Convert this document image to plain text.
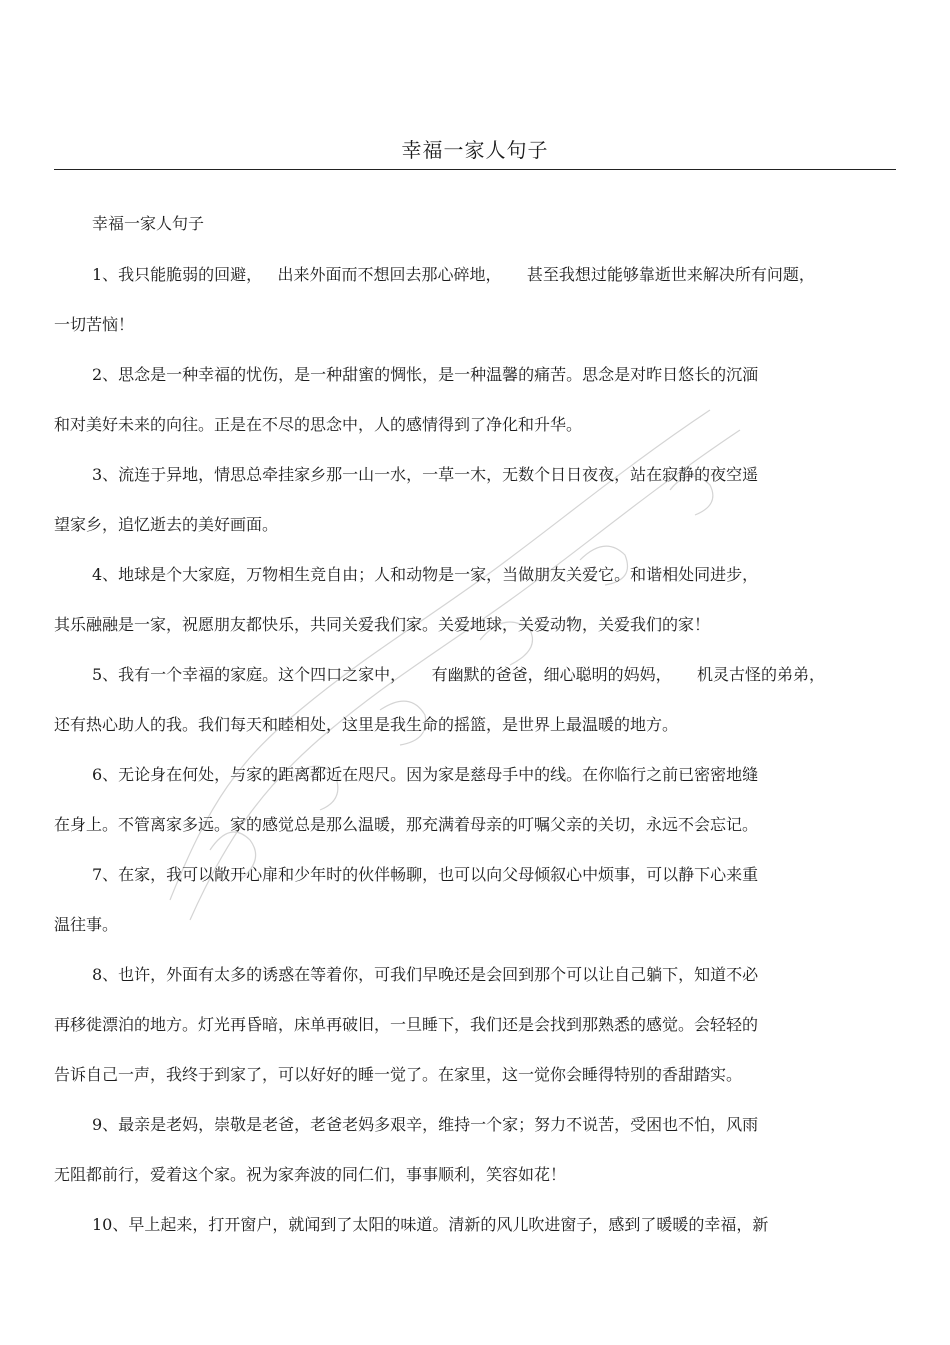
幸福一家人句子
幸福一家人句子
1、我只能脆弱的回避，   出来外面而不想回去那心碎地，     甚至我想过能够靠逝世来解决所有问题，
一切苦恼！
2、思念是一种幸福的忧伤，是一种甜蜜的惆怅，是一种温馨的痛苦。思念是对昨日悠长的沉湎
和对美好未来的向往。正是在不尽的思念中，人的感情得到了净化和升华。
3、流连于异地，情思总牵挂家乡那一山一水，一草一木，无数个日日夜夜，站在寂静的夜空遥
望家乡，追忆逝去的美好画面。
4、地球是个大家庭，万物相生竞自由；人和动物是一家，当做朋友关爱它。和谐相处同进步，
其乐融融是一家，祝愿朋友都快乐，共同关爱我们家。关爱地球，关爱动物，关爱我们的家！
5、我有一个幸福的家庭。这个四口之家中，     有幽默的爸爸，细心聪明的妈妈，     机灵古怪的弟弟，
还有热心助人的我。我们每天和睦相处，这里是我生命的摇篮，是世界上最温暖的地方。
6、无论身在何处，与家的距离都近在咫尺。因为家是慈母手中的线。在你临行之前已密密地缝
在身上。不管离家多远。家的感觉总是那么温暖，那充满着母亲的叮嘱父亲的关切，永远不会忘记。
7、在家，我可以敞开心扉和少年时的伙伴畅聊，也可以向父母倾叙心中烦事，可以静下心来重
温往事。
8、也许，外面有太多的诱惑在等着你，可我们早晚还是会回到那个可以让自己躺下，知道不必
再移徙漂泊的地方。灯光再昏暗，床单再破旧，一旦睡下，我们还是会找到那熟悉的感觉。会轻轻的
告诉自己一声，我终于到家了，可以好好的睡一觉了。在家里，这一觉你会睡得特别的香甜踏实。
9、最亲是老妈，崇敬是老爸，老爸老妈多艰辛，维持一个家；努力不说苦，受困也不怕，风雨
无阻都前行，爱着这个家。祝为家奔波的同仁们，事事顺利，笑容如花！
10、早上起来，打开窗户，就闻到了太阳的味道。清新的风儿吹进窗子，感到了暖暖的幸福，新
